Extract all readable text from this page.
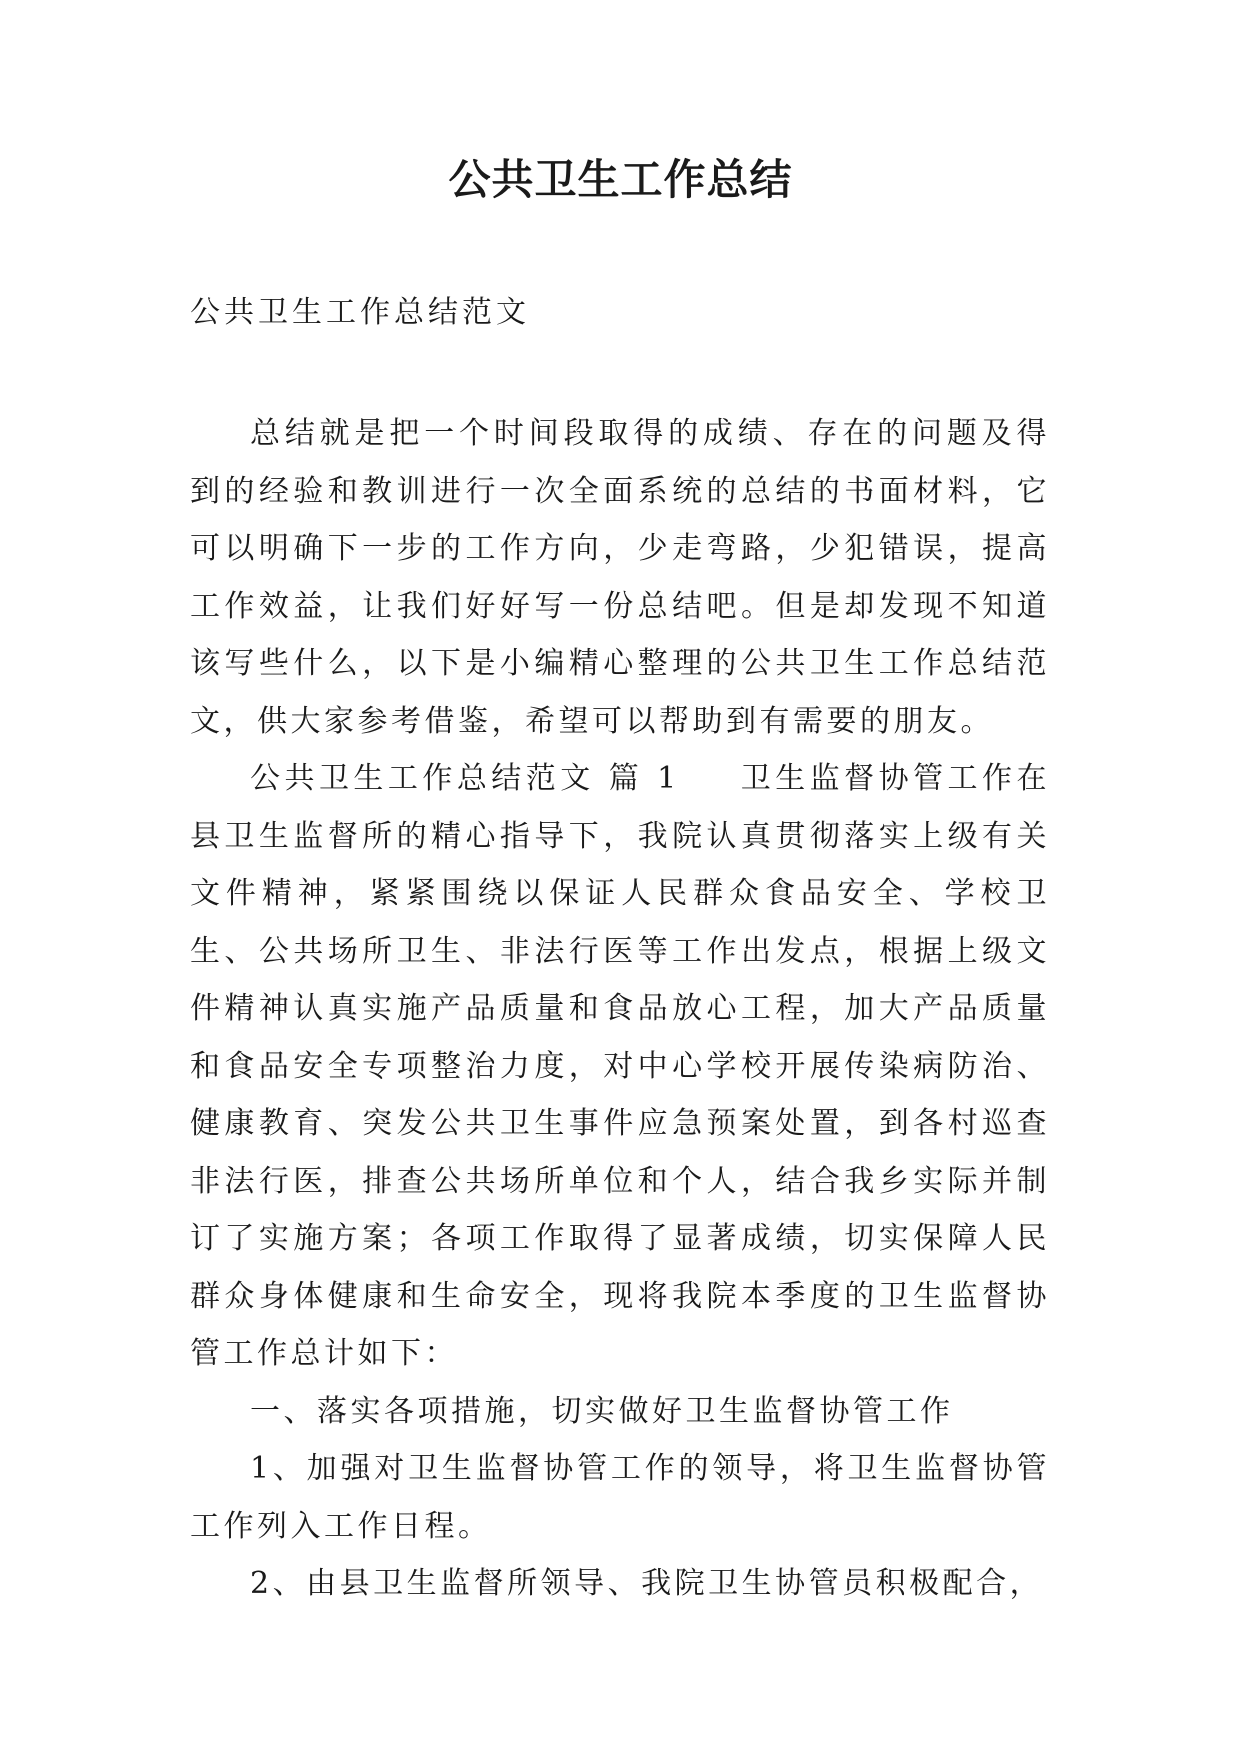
公共卫生工作总结
公共卫生工作总结范文

总结就是把一个时间段取得的成绩、存在的问题及得到的经验和教训进行一次全面系统的总结的书面材料，它可以明确下一步的工作方向，少走弯路，少犯错误，提高工作效益，让我们好好写一份总结吧。但是却发现不知道该写些什么，以下是小编精心整理的公共卫生工作总结范文，供大家参考借鉴，希望可以帮助到有需要的朋友。

公共卫生工作总结范文 篇 1 卫生监督协管工作在县卫生监督所的精心指导下，我院认真贯彻落实上级有关文件精神，紧紧围绕以保证人民群众食品安全、学校卫生、公共场所卫生、非法行医等工作出发点，根据上级文件精神认真实施产品质量和食品放心工程，加大产品质量和食品安全专项整治力度，对中心学校开展传染病防治、健康教育、突发公共卫生事件应急预案处置，到各村巡查非法行医，排查公共场所单位和个人，结合我乡实际并制订了实施方案；各项工作取得了显著成绩，切实保障人民群众身体健康和生命安全，现将我院本季度的卫生监督协管工作总计如下：

一、落实各项措施，切实做好卫生监督协管工作

1、加强对卫生监督协管工作的领导，将卫生监督协管工作列入工作日程。

2、由县卫生监督所领导、我院卫生协管员积极配合，
